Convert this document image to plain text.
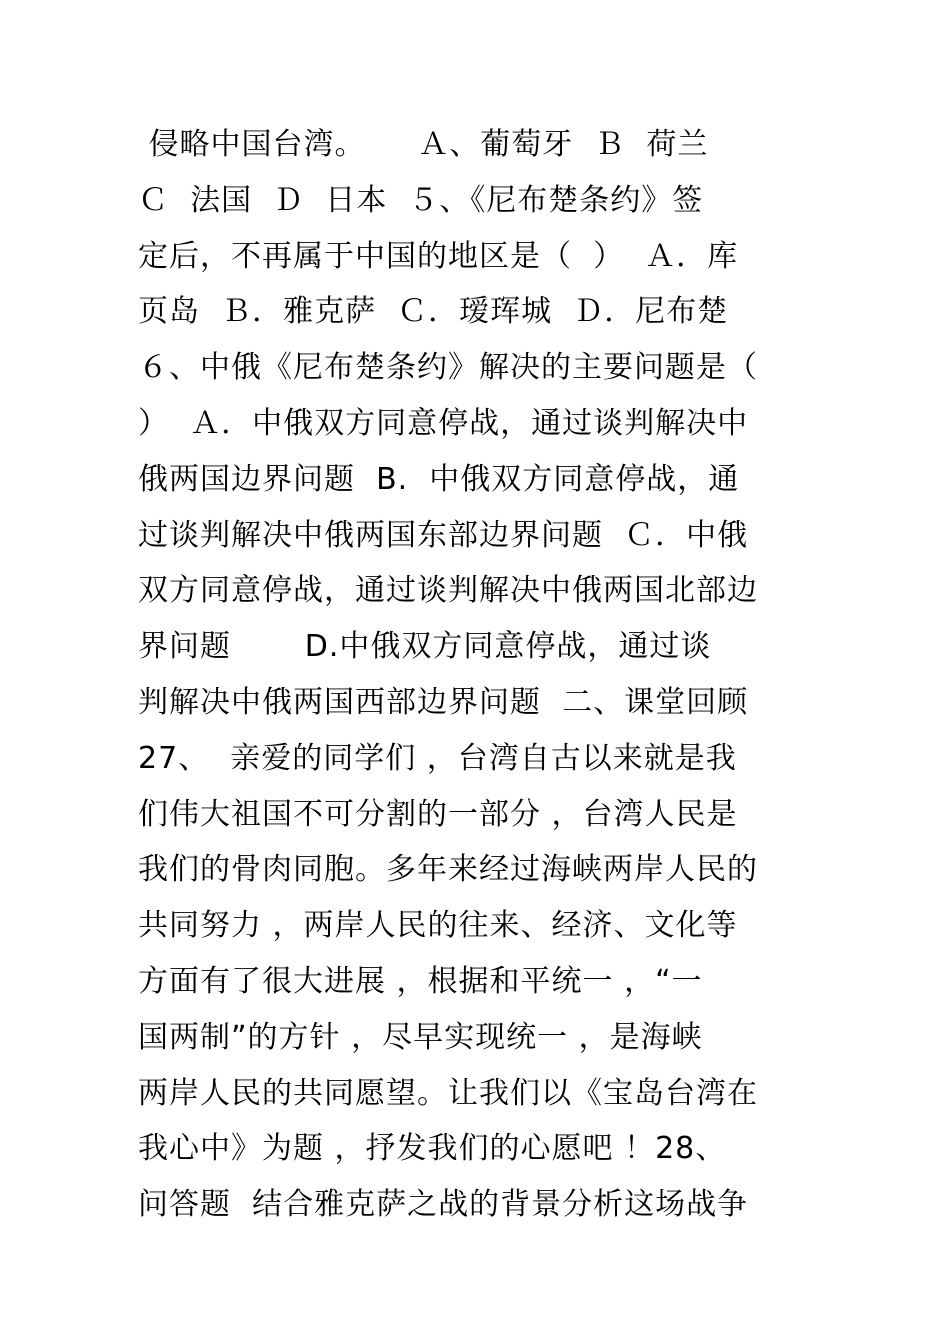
侵略中国台湾。     Ａ、葡萄牙  Ｂ  荷兰
Ｃ  法国  Ｄ  日本  ５、《尼布楚条约》签
定后，不再属于中国的地区是（  ）  Ａ．库
页岛  Ｂ．雅克萨  Ｃ．瑷珲城  Ｄ．尼布楚
６、中俄《尼布楚条约》解决的主要问题是（
）  Ａ．中俄双方同意停战，通过谈判解决中
俄两国边界问题  B.  中俄双方同意停战，通
过谈判解决中俄两国东部边界问题  Ｃ．中俄
双方同意停战，通过谈判解决中俄两国北部边
界问题       D.中俄双方同意停战，通过谈
判解决中俄两国西部边界问题  二、课堂回顾
27、  亲爱的同学们 ，台湾自古以来就是我
们伟大祖国不可分割的一部分 ，台湾人民是
我们的骨肉同胞。多年来经过海峡两岸人民的
共同努力 ，两岸人民的往来、经济、文化等
方面有了很大进展 ，根据和平统一 ，“一
国两制”的方针 ，尽早实现统一 ，是海峡
两岸人民的共同愿望。让我们以《宝岛台湾在
我心中》为题 ，抒发我们的心愿吧 ！28、
问答题  结合雅克萨之战的背景分析这场战争
